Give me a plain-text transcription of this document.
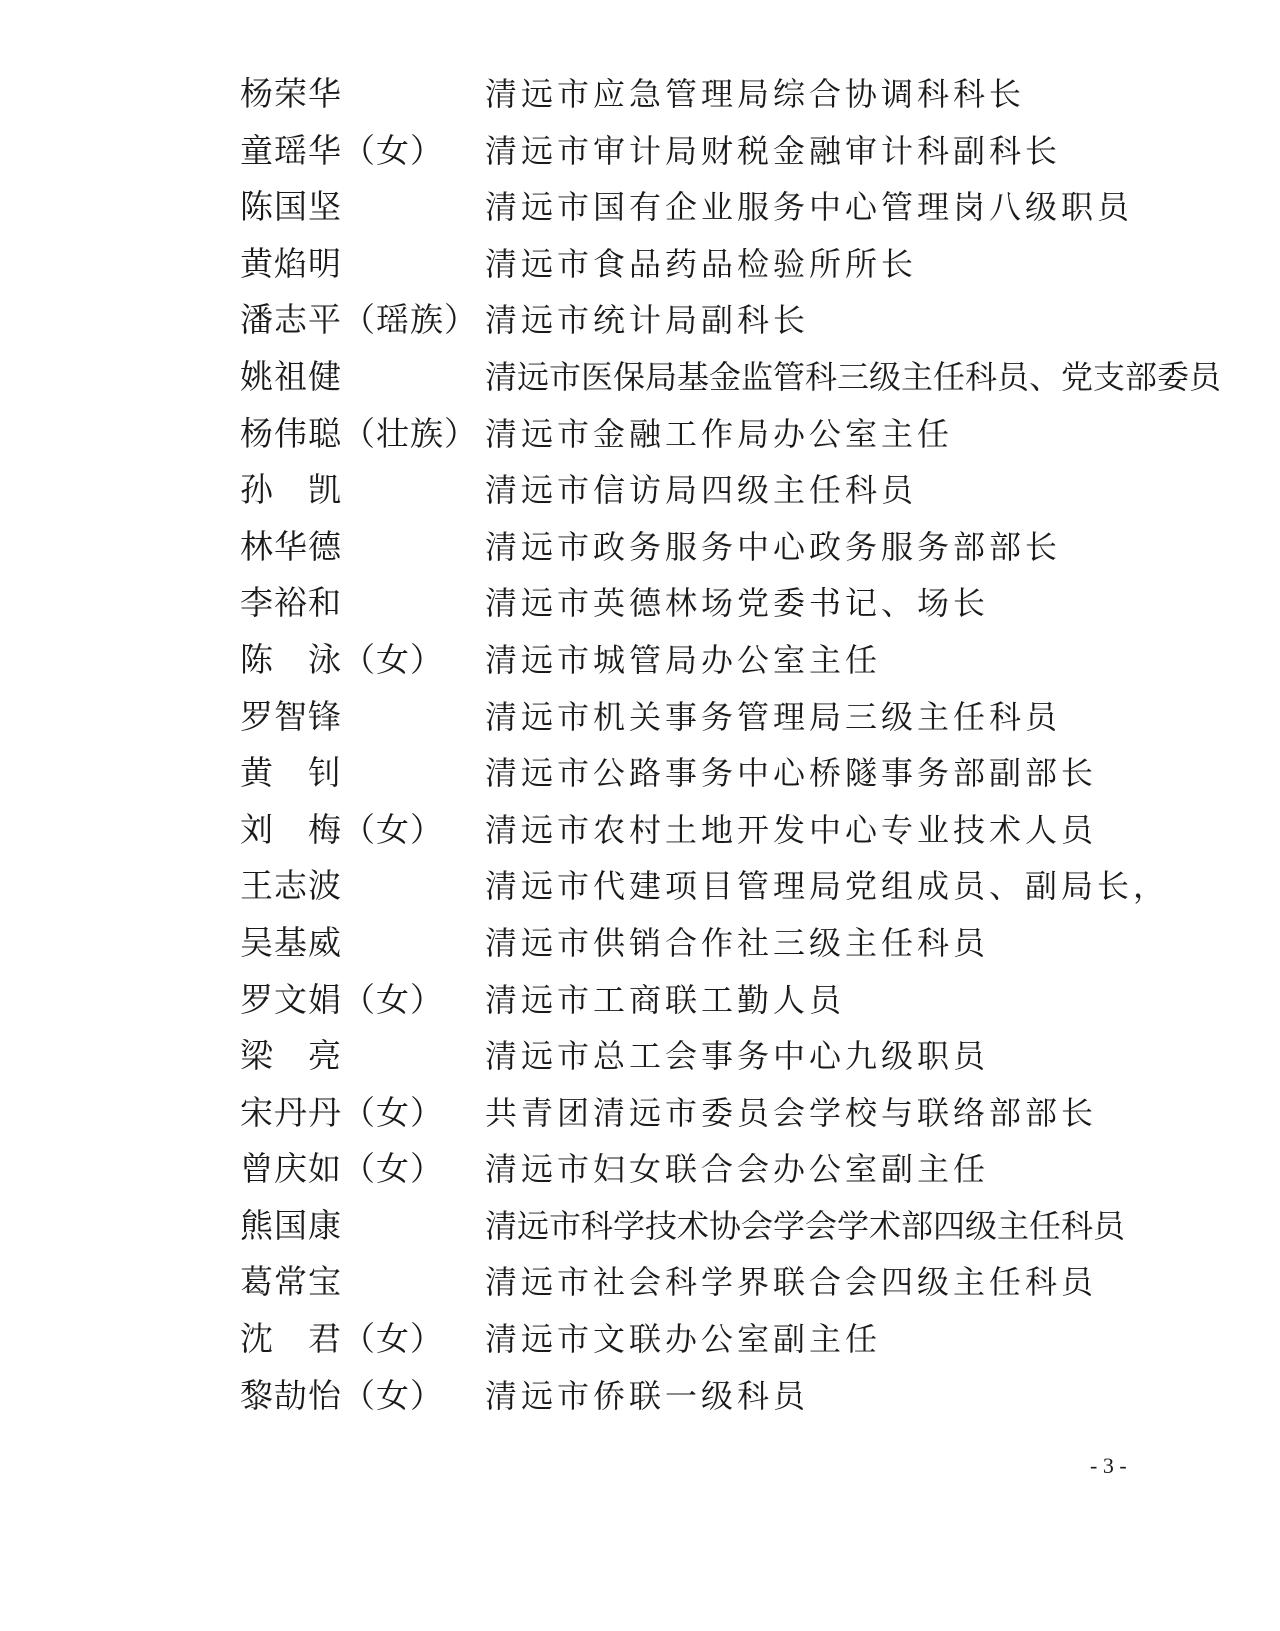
杨荣华	清远市应急管理局综合协调科科长
童瑶华（女） 清远市审计局财税金融审计科副科长
陈国坚	清远市国有企业服务中心管理岗八级职员
黄焰明	清远市食品药品检验所所长
潘志平（瑶族） 清远市统计局副科长
姚祖健	清远市医保局基金监管科三级主任科员、党支部委员
杨伟聪（壮族） 清远市金融工作局办公室主任
孙　凯	清远市信访局四级主任科员
林华德	清远市政务服务中心政务服务部部长
李裕和	清远市英德林场党委书记、场长
陈　泳（女） 清远市城管局办公室主任
罗智锋	清远市机关事务管理局三级主任科员
黄　钊	清远市公路事务中心桥隧事务部副部长
刘　梅（女） 清远市农村土地开发中心专业技术人员
王志波	清远市代建项目管理局党组成员、副局长，
吴基威	清远市供销合作社三级主任科员
罗文娟（女） 清远市工商联工勤人员
梁　亮	清远市总工会事务中心九级职员
宋丹丹（女） 共青团清远市委员会学校与联络部部长
曾庆如（女） 清远市妇女联合会办公室副主任
熊国康	清远市科学技术协会学会学术部四级主任科员
葛常宝	清远市社会科学界联合会四级主任科员
沈　君（女） 清远市文联办公室副主任
黎劼怡（女） 清远市侨联一级科员
- 3 -
